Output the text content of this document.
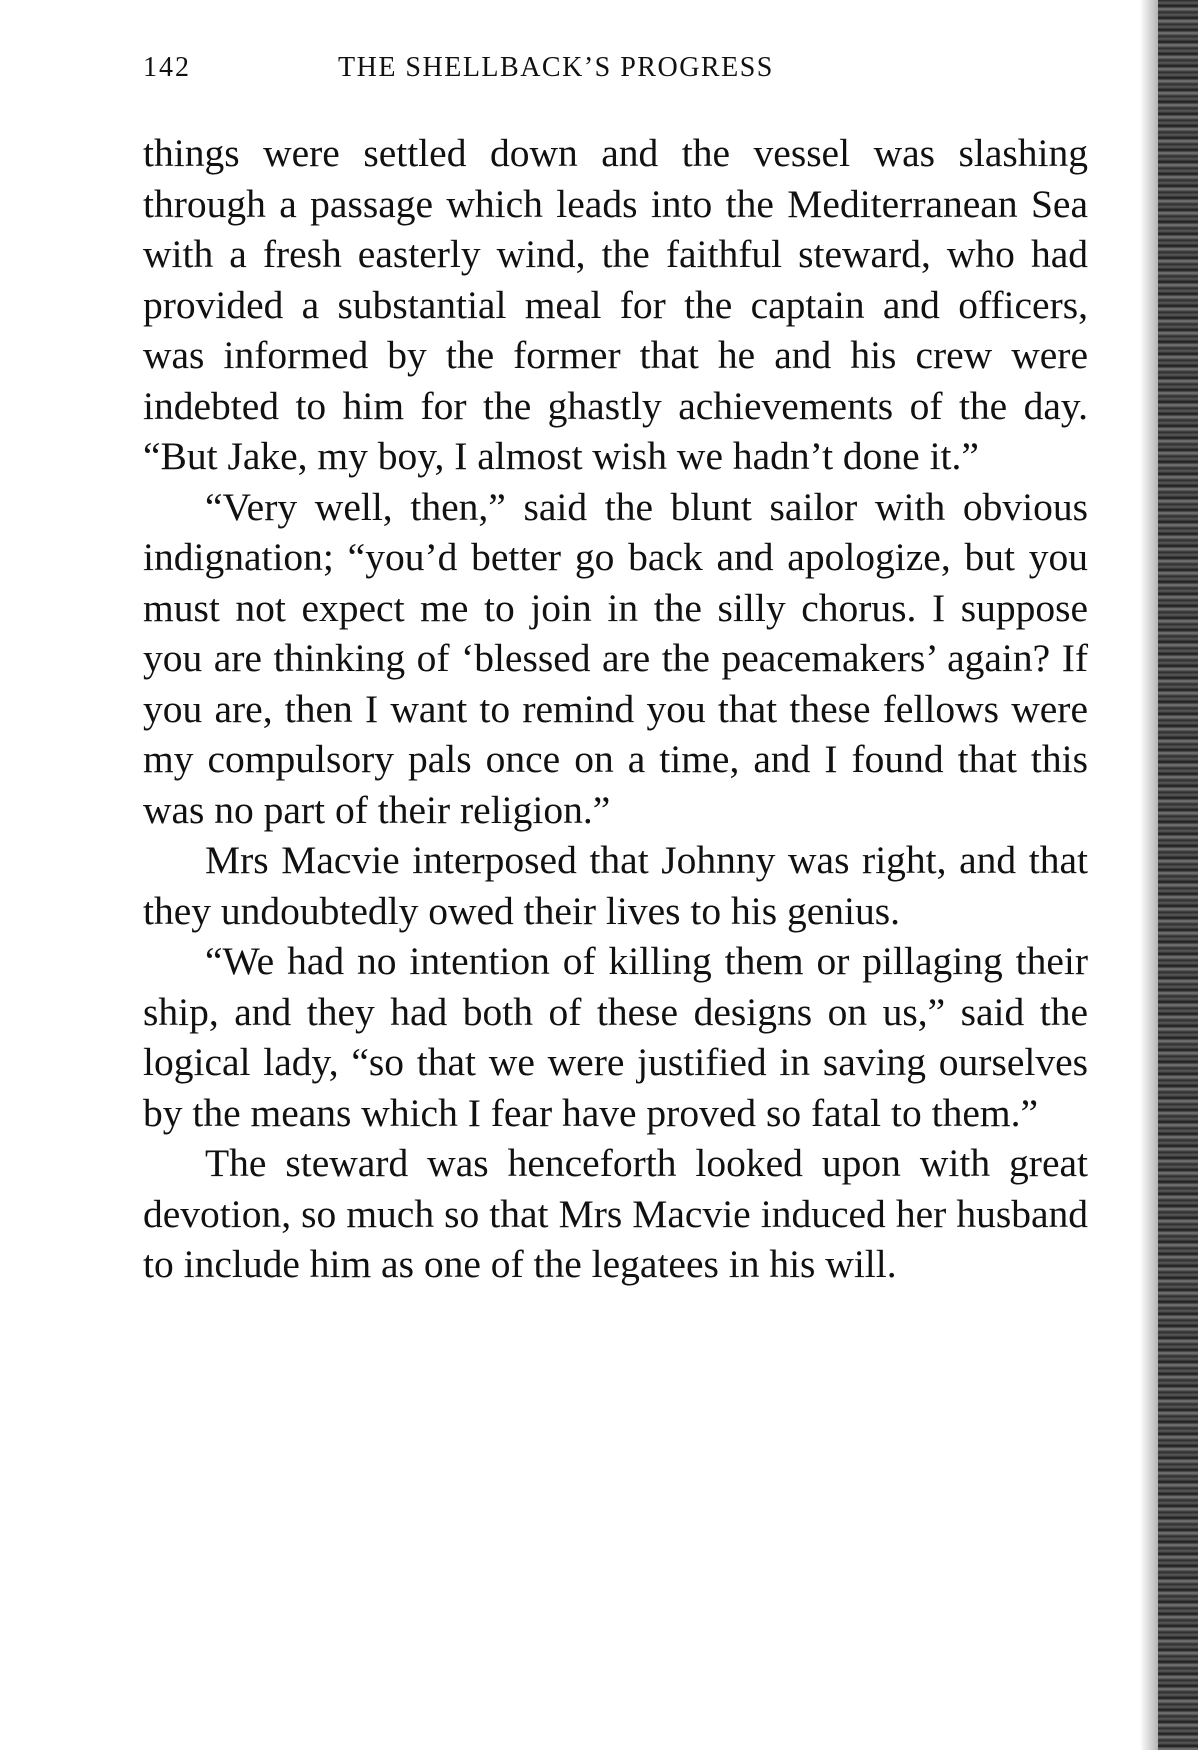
142	THE SHELLBACK’S PROGRESS

things were settled down and the vessel was slashing through a passage which leads into the Mediterranean Sea with a fresh easterly wind, the faithful steward, who had provided a substantial meal for the captain and officers, was informed by the former that he and his crew were indebted to him for the ghastly achievements of the day. “But Jake, my boy, I almost wish we hadn’t done it.”

“Very well, then,” said the blunt sailor with obvious indignation; “you’d better go back and apologize, but you must not expect me to join in the silly chorus. I suppose you are thinking of ‘blessed are the peacemakers’ again? If you are, then I want to remind you that these fellows were my compulsory pals once on a time, and I found that this was no part of their religion.”

Mrs Macvie interposed that Johnny was right, and that they undoubtedly owed their lives to his genius.

“We had no intention of killing them or pillaging their ship, and they had both of these designs on us,” said the logical lady, “so that we were justified in saving ourselves by the means which I fear have proved so fatal to them.”

The steward was henceforth looked upon with great devotion, so much so that Mrs Macvie induced her husband to include him as one of the legatees in his will.
